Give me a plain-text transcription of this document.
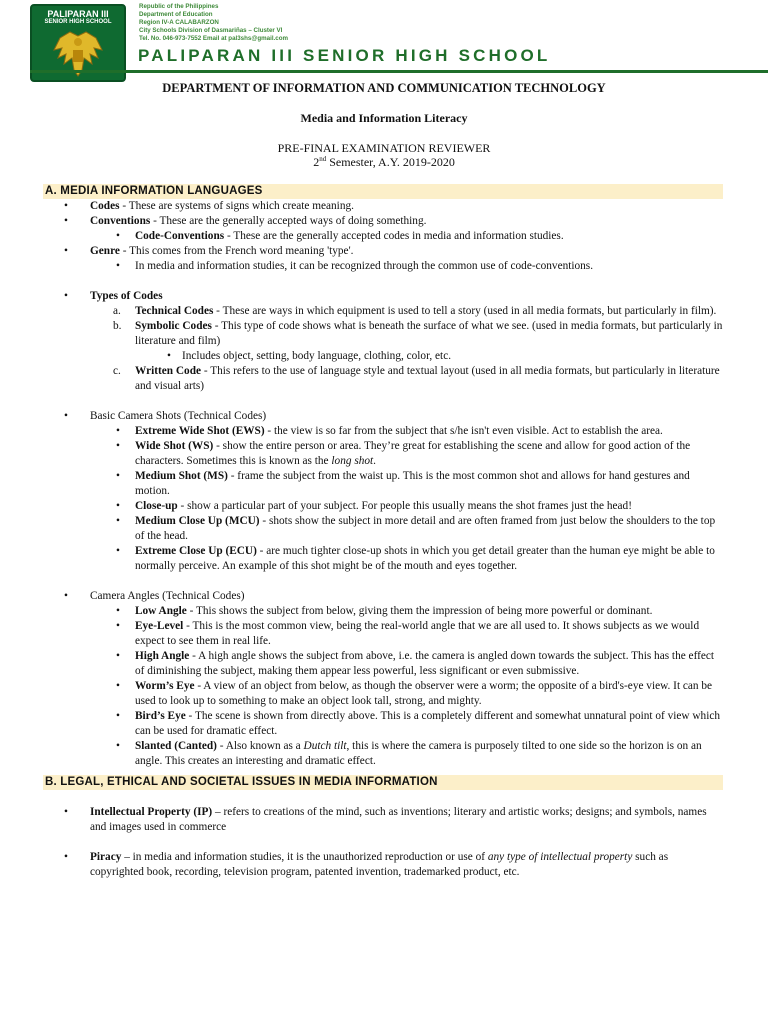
PALIPARAN III
SENIOR HIGH SCHOOL
Republic of the Philippines
Department of Education
Region IV-A CALABARZON
City Schools Division of Dasmariñas – Cluster VI
Tel. No. 046-973-7552 Email at pal3shs@gmail.com
PALIPARAN III SENIOR HIGH SCHOOL
DEPARTMENT OF INFORMATION AND COMMUNICATION TECHNOLOGY
Media and Information Literacy
PRE-FINAL EXAMINATION REVIEWER
2nd Semester, A.Y. 2019-2020
A. MEDIA INFORMATION LANGUAGES
• Codes - These are systems of signs which create meaning.
• Conventions - These are the generally accepted ways of doing something.
• Code-Conventions - These are the generally accepted codes in media and information studies.
• Genre - This comes from the French word meaning 'type'.
• In media and information studies, it can be recognized through the common use of code-conventions.
• Types of Codes
a. Technical Codes - These are ways in which equipment is used to tell a story (used in all media formats, but particularly in film).
b. Symbolic Codes - This type of code shows what is beneath the surface of what we see. (used in media formats, but particularly in literature and film)
• Includes object, setting, body language, clothing, color, etc.
c. Written Code - This refers to the use of language style and textual layout (used in all media formats, but particularly in literature and visual arts)
• Basic Camera Shots (Technical Codes)
• Extreme Wide Shot (EWS) - the view is so far from the subject that s/he isn't even visible. Act to establish the area.
• Wide Shot (WS) - show the entire person or area. They’re great for establishing the scene and allow for good action of the characters. Sometimes this is known as the long shot.
• Medium Shot (MS) - frame the subject from the waist up. This is the most common shot and allows for hand gestures and motion.
• Close-up - show a particular part of your subject. For people this usually means the shot frames just the head!
• Medium Close Up (MCU) - shots show the subject in more detail and are often framed from just below the shoulders to the top of the head.
• Extreme Close Up (ECU) - are much tighter close-up shots in which you get detail greater than the human eye might be able to normally perceive. An example of this shot might be of the mouth and eyes together.
• Camera Angles (Technical Codes)
• Low Angle - This shows the subject from below, giving them the impression of being more powerful or dominant.
• Eye-Level - This is the most common view, being the real-world angle that we are all used to. It shows subjects as we would expect to see them in real life.
• High Angle - A high angle shows the subject from above, i.e. the camera is angled down towards the subject. This has the effect of diminishing the subject, making them appear less powerful, less significant or even submissive.
• Worm’s Eye - A view of an object from below, as though the observer were a worm; the opposite of a bird's-eye view. It can be used to look up to something to make an object look tall, strong, and mighty.
• Bird’s Eye - The scene is shown from directly above. This is a completely different and somewhat unnatural point of view which can be used for dramatic effect.
• Slanted (Canted) - Also known as a Dutch tilt, this is where the camera is purposely tilted to one side so the horizon is on an angle. This creates an interesting and dramatic effect.
B. LEGAL, ETHICAL AND SOCIETAL ISSUES IN MEDIA INFORMATION
• Intellectual Property (IP) – refers to creations of the mind, such as inventions; literary and artistic works; designs; and symbols, names and images used in commerce
• Piracy – in media and information studies, it is the unauthorized reproduction or use of any type of intellectual property such as copyrighted book, recording, television program, patented invention, trademarked product, etc.
